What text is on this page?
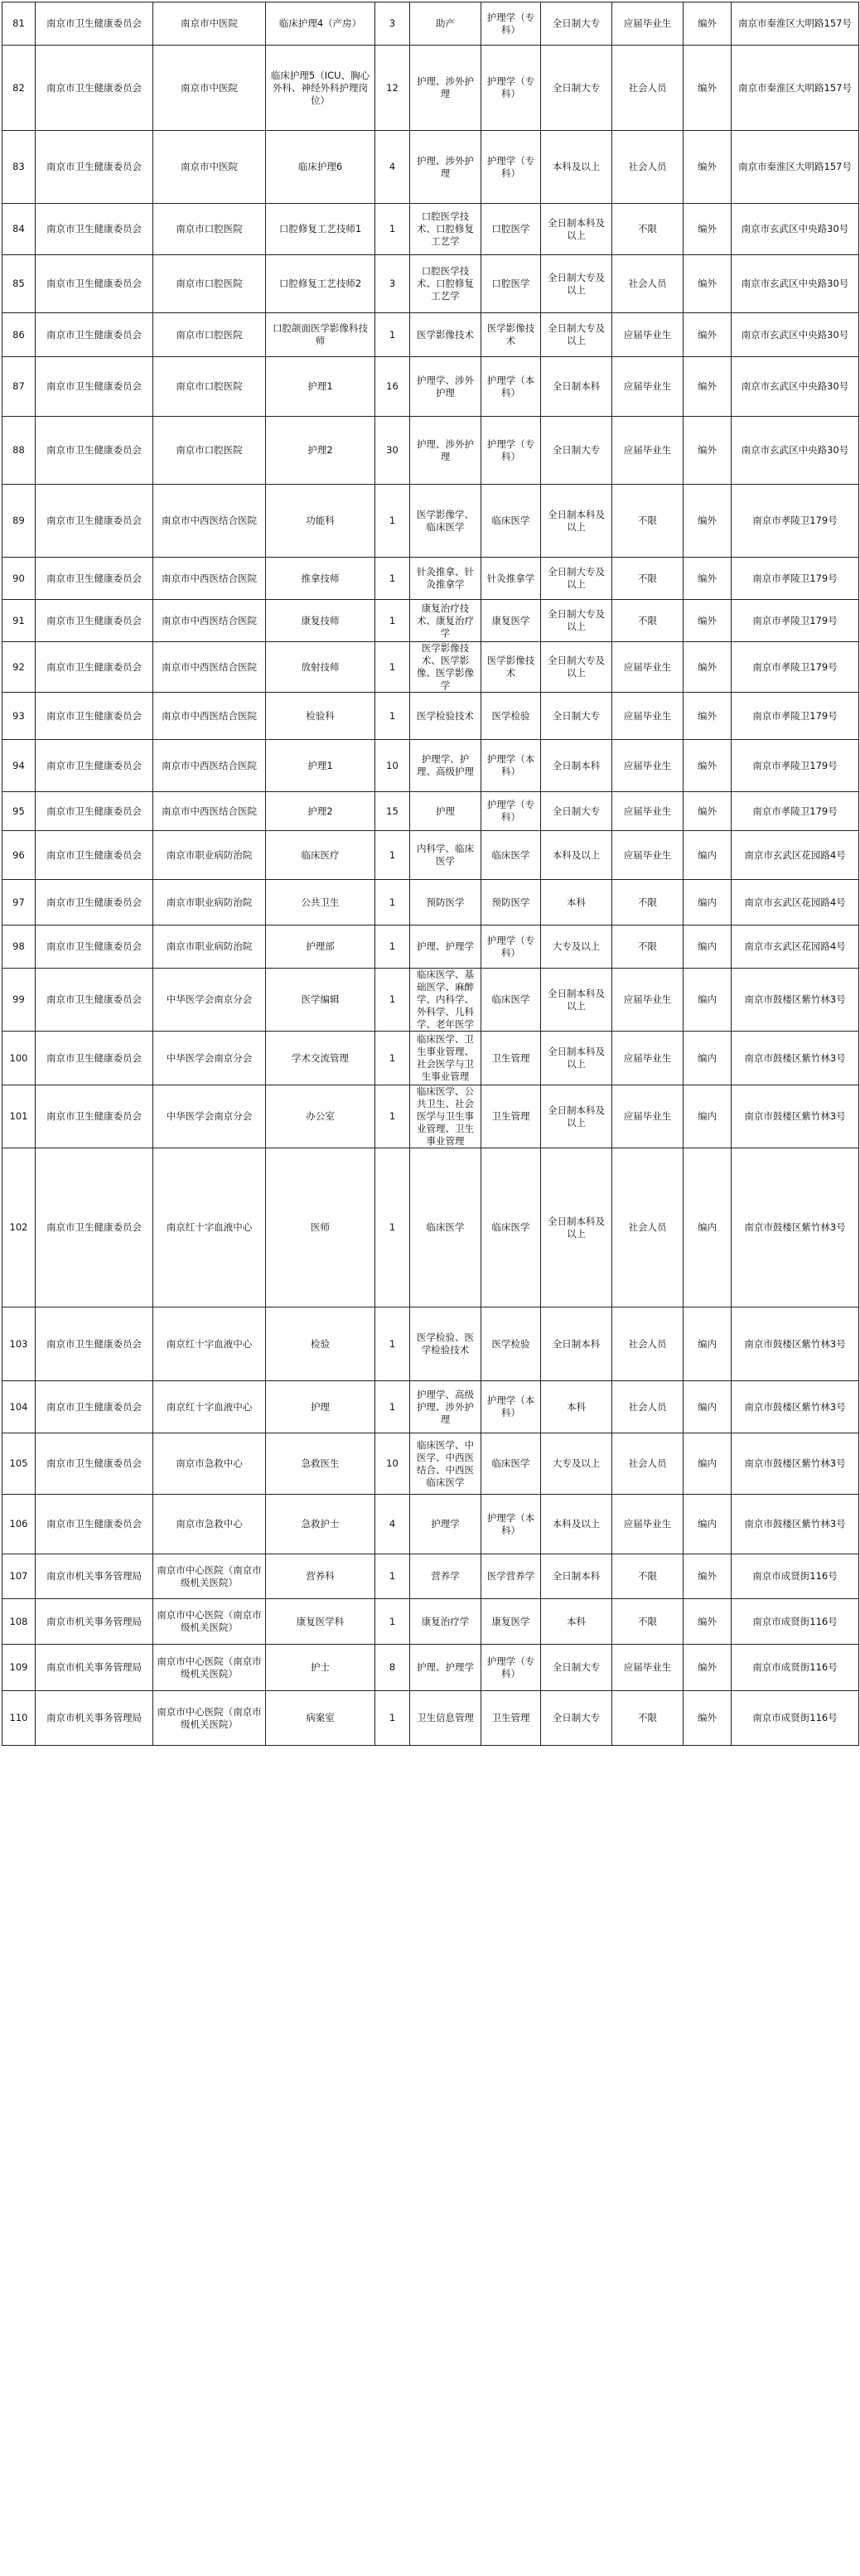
81	南京市卫生健康委员会	南京市中医院	临床护理4（产房）	3	助产	护理学（专科）	全日制大专	应届毕业生	编外	南京市秦淮区大明路157号
82	南京市卫生健康委员会	南京市中医院	临床护理5（ICU、胸心外科、神经外科护理岗位）	12	护理、涉外护理	护理学（专科）	全日制大专	社会人员	编外	南京市秦淮区大明路157号
83	南京市卫生健康委员会	南京市中医院	临床护理6	4	护理、涉外护理	护理学（专科）	本科及以上	社会人员	编外	南京市秦淮区大明路157号
84	南京市卫生健康委员会	南京市口腔医院	口腔修复工艺技师1	1	口腔医学技术、口腔修复工艺学	口腔医学	全日制本科及以上	不限	编外	南京市玄武区中央路30号
85	南京市卫生健康委员会	南京市口腔医院	口腔修复工艺技师2	3	口腔医学技术、口腔修复工艺学	口腔医学	全日制大专及以上	社会人员	编外	南京市玄武区中央路30号
86	南京市卫生健康委员会	南京市口腔医院	口腔颌面医学影像科技师	1	医学影像技术	医学影像技术	全日制大专及以上	应届毕业生	编外	南京市玄武区中央路30号
87	南京市卫生健康委员会	南京市口腔医院	护理1	16	护理学、涉外护理	护理学（本科）	全日制本科	应届毕业生	编外	南京市玄武区中央路30号
88	南京市卫生健康委员会	南京市口腔医院	护理2	30	护理、涉外护理	护理学（专科）	全日制大专	应届毕业生	编外	南京市玄武区中央路30号
89	南京市卫生健康委员会	南京市中西医结合医院	功能科	1	医学影像学、临床医学	临床医学	全日制本科及以上	不限	编外	南京市孝陵卫179号
90	南京市卫生健康委员会	南京市中西医结合医院	推拿技师	1	针灸推拿、针灸推拿学	针灸推拿学	全日制大专及以上	不限	编外	南京市孝陵卫179号
91	南京市卫生健康委员会	南京市中西医结合医院	康复技师	1	康复治疗技术、康复治疗学	康复医学	全日制大专及以上	不限	编外	南京市孝陵卫179号
92	南京市卫生健康委员会	南京市中西医结合医院	放射技师	1	医学影像技术、医学影像、医学影像学	医学影像技术	全日制大专及以上	应届毕业生	编外	南京市孝陵卫179号
93	南京市卫生健康委员会	南京市中西医结合医院	检验科	1	医学检验技术	医学检验	全日制大专	应届毕业生	编外	南京市孝陵卫179号
94	南京市卫生健康委员会	南京市中西医结合医院	护理1	10	护理学、护理、高级护理	护理学（本科）	全日制本科	应届毕业生	编外	南京市孝陵卫179号
95	南京市卫生健康委员会	南京市中西医结合医院	护理2	15	护理	护理学（专科）	全日制大专	应届毕业生	编外	南京市孝陵卫179号
96	南京市卫生健康委员会	南京市职业病防治院	临床医疗	1	内科学、临床医学	临床医学	本科及以上	应届毕业生	编内	南京市玄武区花园路4号
97	南京市卫生健康委员会	南京市职业病防治院	公共卫生	1	预防医学	预防医学	本科	不限	编内	南京市玄武区花园路4号
98	南京市卫生健康委员会	南京市职业病防治院	护理部	1	护理、护理学	护理学（专科）	大专及以上	不限	编内	南京市玄武区花园路4号
99	南京市卫生健康委员会	中华医学会南京分会	医学编辑	1	临床医学、基础医学、麻醉学、内科学、外科学、儿科学、老年医学	临床医学	全日制本科及以上	应届毕业生	编内	南京市鼓楼区紫竹林3号
100	南京市卫生健康委员会	中华医学会南京分会	学术交流管理	1	临床医学、卫生事业管理、社会医学与卫生事业管理	卫生管理	全日制本科及以上	应届毕业生	编内	南京市鼓楼区紫竹林3号
101	南京市卫生健康委员会	中华医学会南京分会	办公室	1	临床医学、公共卫生、社会医学与卫生事业管理、卫生事业管理	卫生管理	全日制本科及以上	应届毕业生	编内	南京市鼓楼区紫竹林3号
102	南京市卫生健康委员会	南京红十字血液中心	医师	1	临床医学	临床医学	全日制本科及以上	社会人员	编内	南京市鼓楼区紫竹林3号
103	南京市卫生健康委员会	南京红十字血液中心	检验	1	医学检验、医学检验技术	医学检验	全日制本科	社会人员	编内	南京市鼓楼区紫竹林3号
104	南京市卫生健康委员会	南京红十字血液中心	护理	1	护理学、高级护理、涉外护理	护理学（本科）	本科	社会人员	编内	南京市鼓楼区紫竹林3号
105	南京市卫生健康委员会	南京市急救中心	急救医生	10	临床医学、中医学、中西医结合、中西医临床医学	临床医学	大专及以上	社会人员	编内	南京市鼓楼区紫竹林3号
106	南京市卫生健康委员会	南京市急救中心	急救护士	4	护理学	护理学（本科）	本科及以上	应届毕业生	编内	南京市鼓楼区紫竹林3号
107	南京市机关事务管理局	南京市中心医院（南京市级机关医院）	营养科	1	营养学	医学营养学	全日制本科	不限	编外	南京市成贤街116号
108	南京市机关事务管理局	南京市中心医院（南京市级机关医院）	康复医学科	1	康复治疗学	康复医学	本科	不限	编外	南京市成贤街116号
109	南京市机关事务管理局	南京市中心医院（南京市级机关医院）	护士	8	护理、护理学	护理学（专科）	全日制大专	应届毕业生	编外	南京市成贤街116号
110	南京市机关事务管理局	南京市中心医院（南京市级机关医院）	病案室	1	卫生信息管理	卫生管理	全日制大专	不限	编外	南京市成贤街116号
